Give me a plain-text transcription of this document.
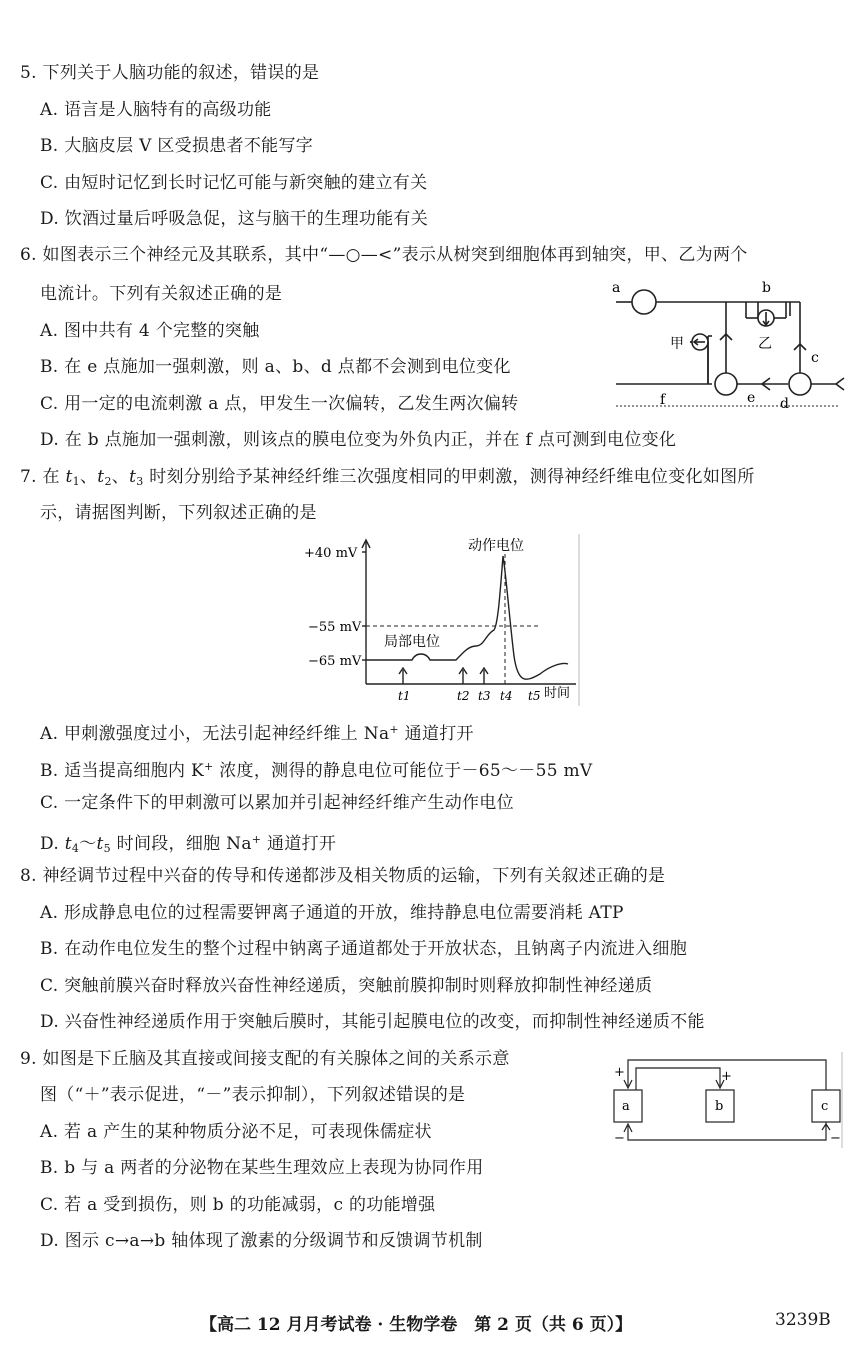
5. 下列关于人脑功能的叙述，错误的是
A. 语言是人脑特有的高级功能
B. 大脑皮层 V 区受损患者不能写字
C. 由短时记忆到长时记忆可能与新突触的建立有关
D. 饮酒过量后呼吸急促，这与脑干的生理功能有关
6. 如图表示三个神经元及其联系，其中“—○—<”表示从树突到细胞体再到轴突，甲、乙为两个
电流计。下列有关叙述正确的是
A. 图中共有 4 个完整的突触
B. 在 e 点施加一强刺激，则 a、b、d 点都不会测到电位变化
C. 用一定的电流刺激 a 点，甲发生一次偏转，乙发生两次偏转
D. 在 b 点施加一强刺激，则该点的膜电位变为外负内正，并在 f 点可测到电位变化
a	b
c
d
e
f
甲	乙
7. 在 $t_1$、$t_2$、$t_3$ 时刻分别给予某神经纤维三次强度相同的甲刺激，测得神经纤维电位变化如图所
示，请据图判断，下列叙述正确的是
+40 mV
−55 mV
−65 mV
动作电位
局部电位
时间
t1	t2 t3 t4 t5
A. 甲刺激强度过小，无法引起神经纤维上 Na+ 通道打开
B. 适当提高细胞内 K+ 浓度，测得的静息电位可能位于－65～－55 mV
C. 一定条件下的甲刺激可以累加并引起神经纤维产生动作电位
D. $t_4\sim t_5$ 时间段，细胞 Na+ 通道打开
8. 神经调节过程中兴奋的传导和传递都涉及相关物质的运输，下列有关叙述正确的是
A. 形成静息电位的过程需要钾离子通道的开放，维持静息电位需要消耗 ATP
B. 在动作电位发生的整个过程中钠离子通道都处于开放状态，且钠离子内流进入细胞
C. 突触前膜兴奋时释放兴奋性神经递质，突触前膜抑制时则释放抑制性神经递质
D. 兴奋性神经递质作用于突触后膜时，其能引起膜电位的改变，而抑制性神经递质不能
9. 如图是下丘脑及其直接或间接支配的有关腺体之间的关系示意
图（“＋”表示促进，“－”表示抑制），下列叙述错误的是
A. 若 a 产生的某种物质分泌不足，可表现侏儒症状
B. b 与 a 两者的分泌物在某些生理效应上表现为协同作用
C. 若 a 受到损伤，则 b 的功能减弱，c 的功能增强
D. 图示 c→a→b 轴体现了激素的分级调节和反馈调节机制
a	b	c
+	+
−	−
【高二 12 月月考试卷 · 生物学卷　第 2 页（共 6 页）】	3239B
